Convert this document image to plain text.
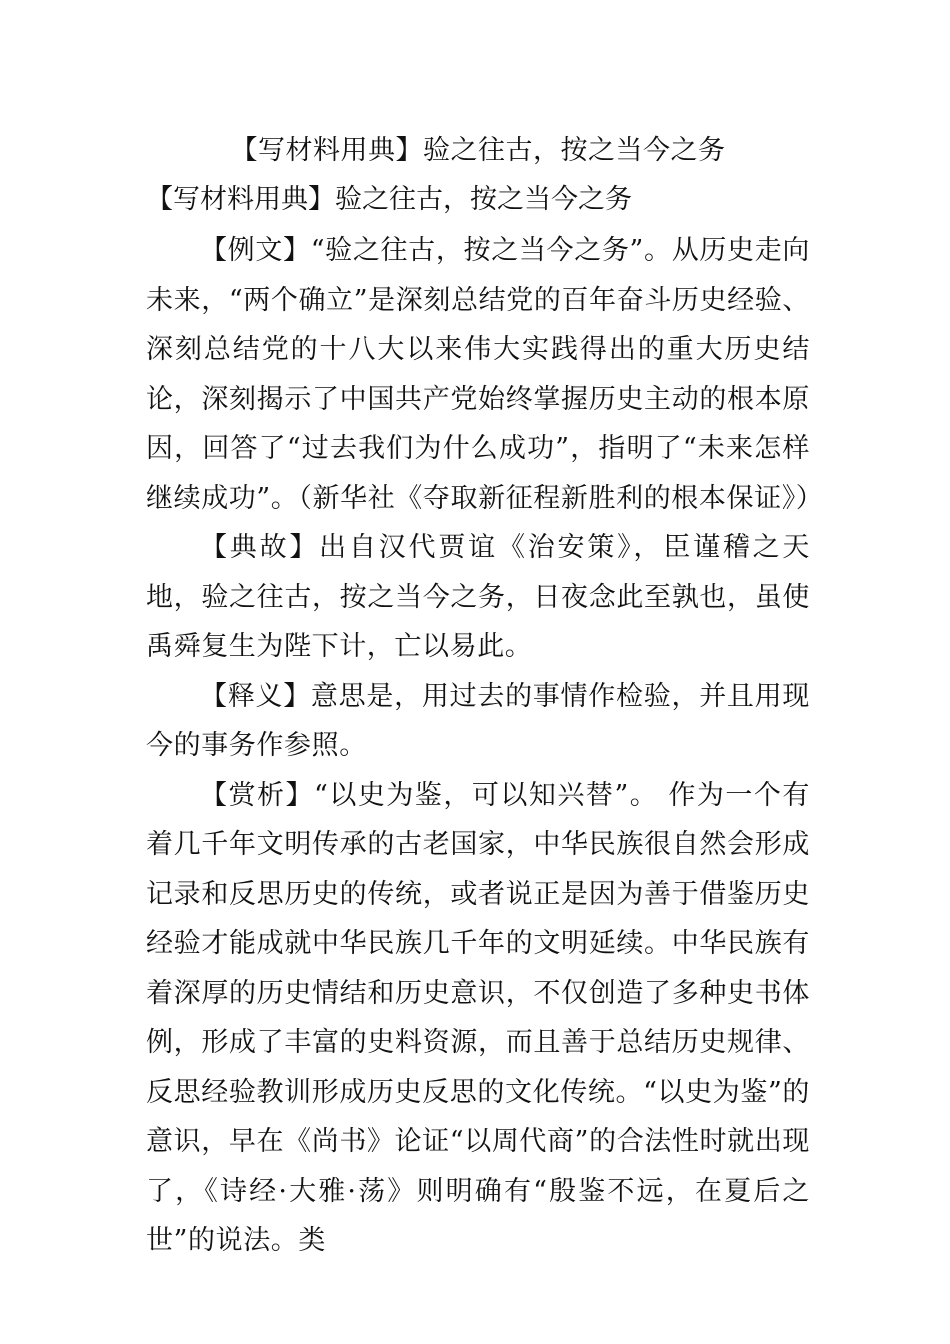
【写材料用典】验之往古，按之当今之务
【写材料用典】验之往古，按之当今之务

【例文】“验之往古，按之当今之务”。从历史走向未来，“两个确立”是深刻总结党的百年奋斗历史经验、深刻总结党的十八大以来伟大实践得出的重大历史结论，深刻揭示了中国共产党始终掌握历史主动的根本原因，回答了“过去我们为什么成功”，指明了“未来怎样继续成功”。（新华社《夺取新征程新胜利的根本保证》）

【典故】出自汉代贾谊《治安策》，臣谨稽之天地，验之往古，按之当今之务，日夜念此至孰也，虽使禹舜复生为陛下计，亡以易此。

【释义】意思是，用过去的事情作检验，并且用现今的事务作参照。

【赏析】“以史为鉴，可以知兴替”。 作为一个有着几千年文明传承的古老国家，中华民族很自然会形成记录和反思历史的传统，或者说正是因为善于借鉴历史经验才能成就中华民族几千年的文明延续。中华民族有着深厚的历史情结和历史意识，不仅创造了多种史书体例，形成了丰富的史料资源，而且善于总结历史规律、反思经验教训形成历史反思的文化传统。“以史为鉴”的意识，早在《尚书》论证“以周代商”的合法性时就出现了，《诗经·大雅·荡》则明确有“殷鉴不远，在夏后之世”的说法。类
